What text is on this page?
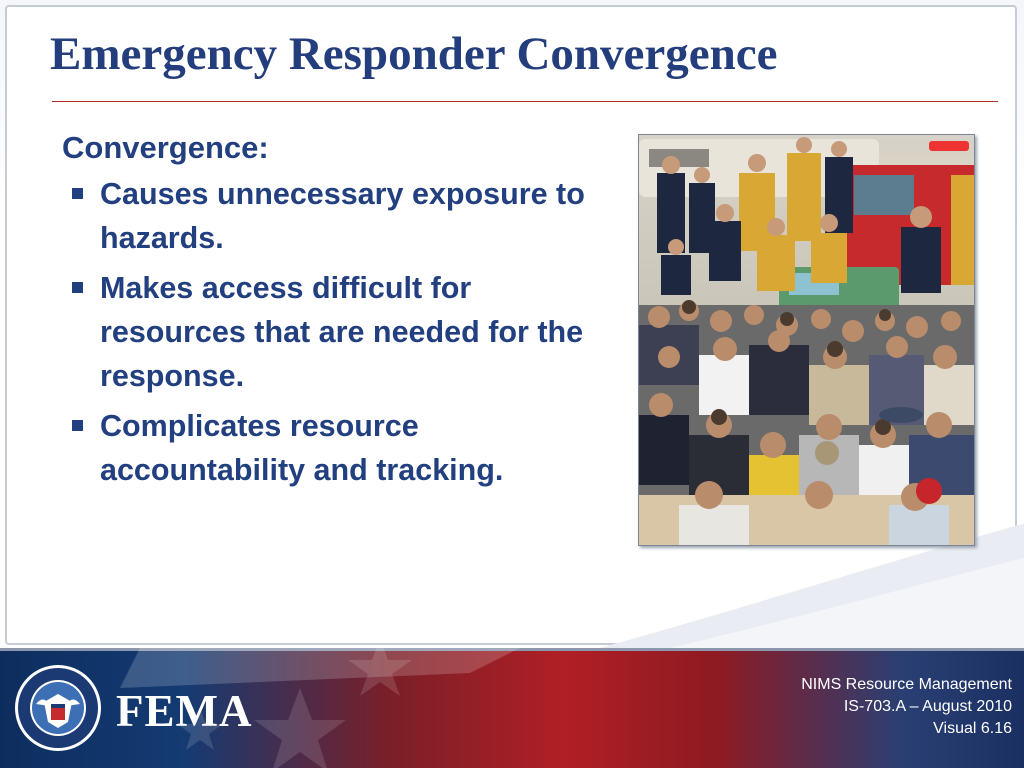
Emergency Responder Convergence

Convergence:

Causes unnecessary exposure to hazards.
Makes access difficult for resources that are needed for the response.
Complicates resource accountability and tracking.

FEMA

NIMS Resource Management
IS-703.A – August 2010
Visual 6.16
